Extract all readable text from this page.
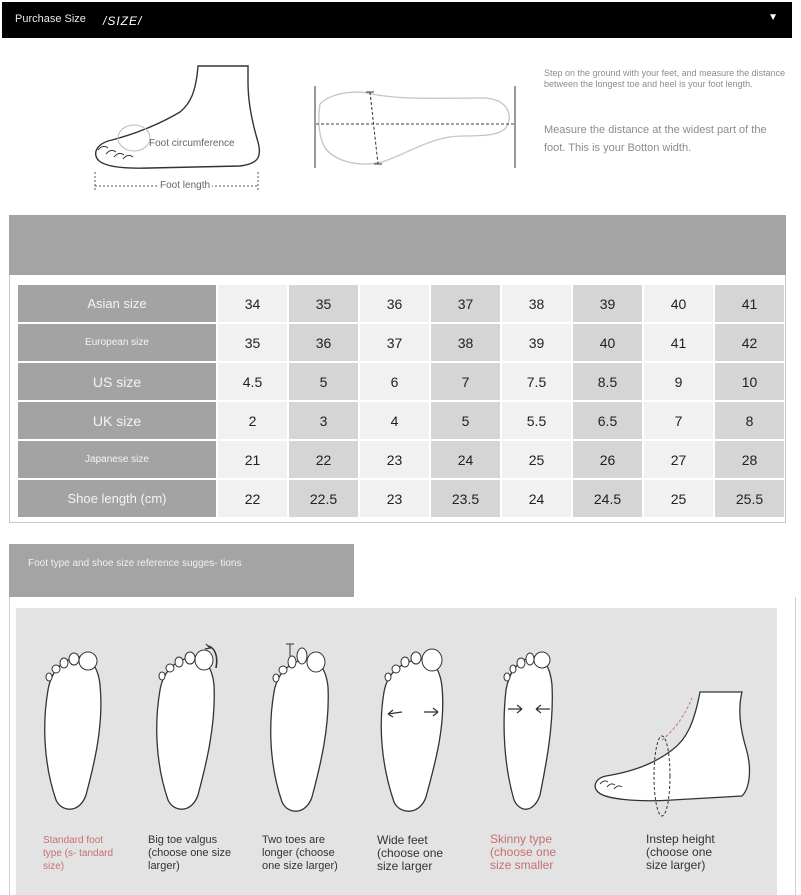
Purchase Size /SIZE/	▼
Foot circumference
Foot length
Step on the ground with your feet, and measure the distance between the longest toe and heel is your foot length.
Measure the distance at the widest part of the foot. This is your Botton width.
Asian size	34	35	36	37	38	39	40	41
European size	35	36	37	38	39	40	41	42
US size	4.5	5	6	7	7.5	8.5	9	10
UK size	2	3	4	5	5.5	6.5	7	8
Japanese size	21	22	23	24	25	26	27	28
Shoe length (cm)	22	22.5	23	23.5	24	24.5	25	25.5
Foot type and shoe size reference sugges- tions
Standard foot type (s- tandard size)
Big toe valgus (choose one size larger)
Two toes are longer (choose one size larger)
Wide feet (choose one size larger
Skinny type (choose one size smaller
Instep height (choose one size larger)
